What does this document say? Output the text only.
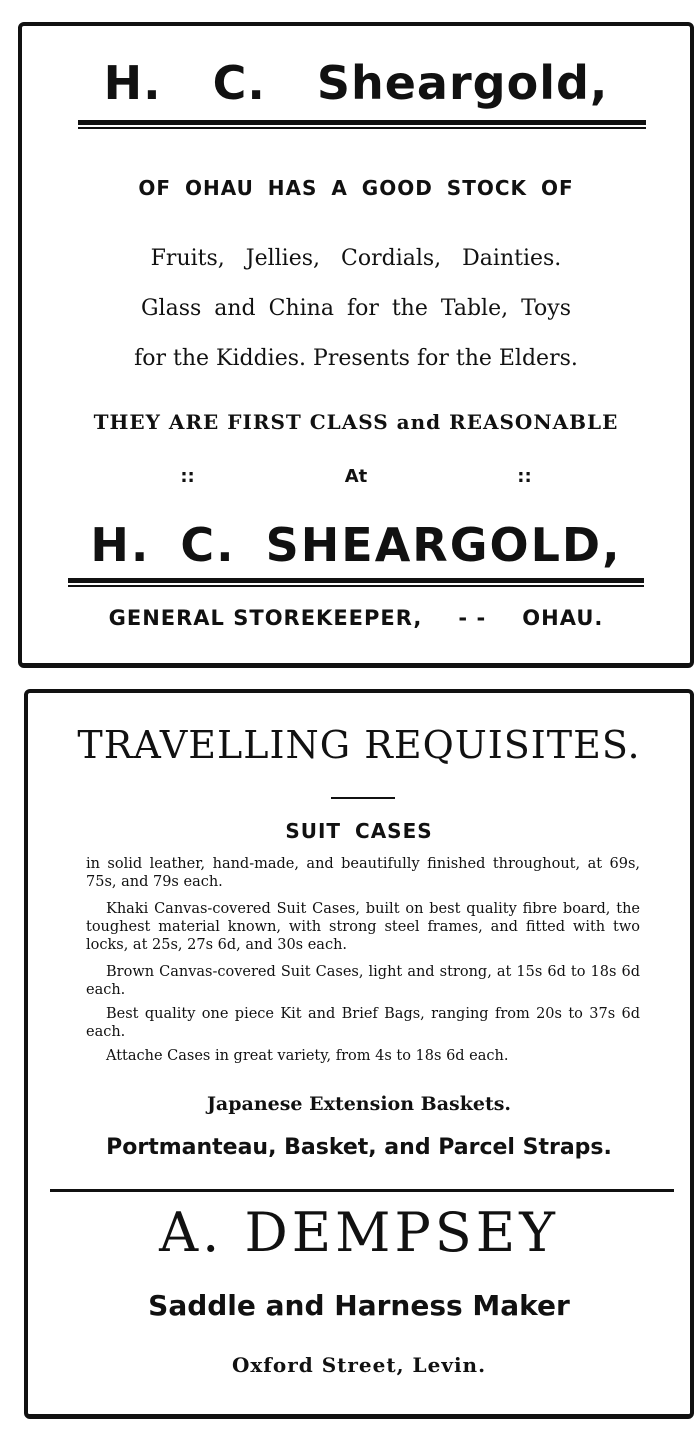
H. C. Sheargold,
OF OHAU HAS A GOOD STOCK OF
Fruits, Jellies, Cordials, Dainties.
Glass and China for the Table, Toys
for the Kiddies. Presents for the Elders.
THEY ARE FIRST CLASS and REASONABLE
::	At	::
H. C. SHEARGOLD,
GENERAL STOREKEEPER, - - OHAU.
TRAVELLING REQUISITES.
SUIT CASES
in solid leather, hand-made, and beautifully finished throughout, at 69s, 75s, and 79s each.
Khaki Canvas-covered Suit Cases, built on best quality fibre board, the toughest material known, with strong steel frames, and fitted with two locks, at 25s, 27s 6d, and 30s each.
Brown Canvas-covered Suit Cases, light and strong, at 15s 6d to 18s 6d each.
Best quality one piece Kit and Brief Bags, ranging from 20s to 37s 6d each.
Attache Cases in great variety, from 4s to 18s 6d each.
Japanese Extension Baskets.
Portmanteau, Basket, and Parcel Straps.
A. DEMPSEY
Saddle and Harness Maker
Oxford Street, Levin.
